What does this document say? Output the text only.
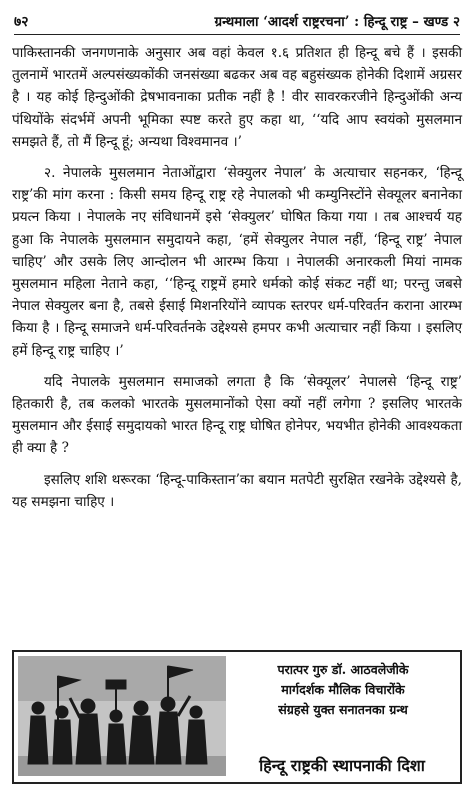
७२	ग्रन्थमाला ‘आदर्श राष्ट्ररचना’ : हिन्दू राष्ट्र – खण्ड २

पाकिस्तानकी जनगणनाके अनुसार अब वहां केवल १.६ प्रतिशत ही हिन्दू बचे हैं । इसकी तुलनामें भारतमें अल्पसंख्यकोंकी जनसंख्या बढकर अब वह बहुसंख्यक होनेकी दिशामें अग्रसर है । यह कोई हिन्दुओंकी द्रेषभावनाका प्रतीक नहीं है ! वीर सावरकरजीने हिन्दुओंकी अन्य पंथियोंके संदर्भमें अपनी भूमिका स्पष्ट करते हुए कहा था, ‘‘यदि आप स्वयंको मुसलमान समझते हैं, तो मैं हिन्दू हूं; अन्यथा विश्वमानव ।’

२. नेपालके मुसलमान नेताओंद्वारा ‘सेक्युलर नेपाल’ के अत्याचार सहनकर, ‘हिन्दू राष्ट्र’की मांग करना : किसी समय हिन्दू राष्ट्र रहे नेपालको भी कम्युनिस्टोंने सेक्यूलर बनानेका प्रयत्न किया । नेपालके नए संविधानमें इसे ‘सेक्युलर’ घोषित किया गया । तब आश्चर्य यह हुआ कि नेपालके मुसलमान समुदायने कहा, ‘हमें सेक्युलर नेपाल नहीं, ‘हिन्दू राष्ट्र’ नेपाल चाहिए’ और उसके लिए आन्दोलन भी आरम्भ किया । नेपालकी अनारकली मियां नामक मुसलमान महिला नेताने कहा, ‘‘हिन्दू राष्ट्रमें हमारे धर्मको कोई संकट नहीं था; परन्तु जबसे नेपाल सेक्युलर बना है, तबसे ईसाई मिशनरियोंने व्यापक स्तरपर धर्म-परिवर्तन कराना आरम्भ किया है । हिन्दू समाजने धर्म-परिवर्तनके उद्देश्यसे हमपर कभी अत्याचार नहीं किया । इसलिए हमें हिन्दू राष्ट्र चाहिए ।’

यदि नेपालके मुसलमान समाजको लगता है कि ‘सेक्यूलर’ नेपालसे ‘हिन्दू राष्ट्र’ हितकारी है, तब कलको भारतके मुसलमानोंको ऐसा क्यों नहीं लगेगा ? इसलिए भारतके मुसलमान और ईसाई समुदायको भारत हिन्दू राष्ट्र घोषित होनेपर, भयभीत होनेकी आवश्यकता ही क्या है ?

इसलिए शशि थरूरका ‘हिन्दू-पाकिस्तान’का बयान मतपेटी सुरक्षित रखनेके उद्देश्यसे है, यह समझना चाहिए ।

परात्पर गुरु डॉ. आठवलेजीके
मार्गदर्शक मौलिक विचारोंके
संग्रहसे युक्त सनातनका ग्रन्थ
हिन्दू राष्ट्रकी स्थापनाकी दिशा
